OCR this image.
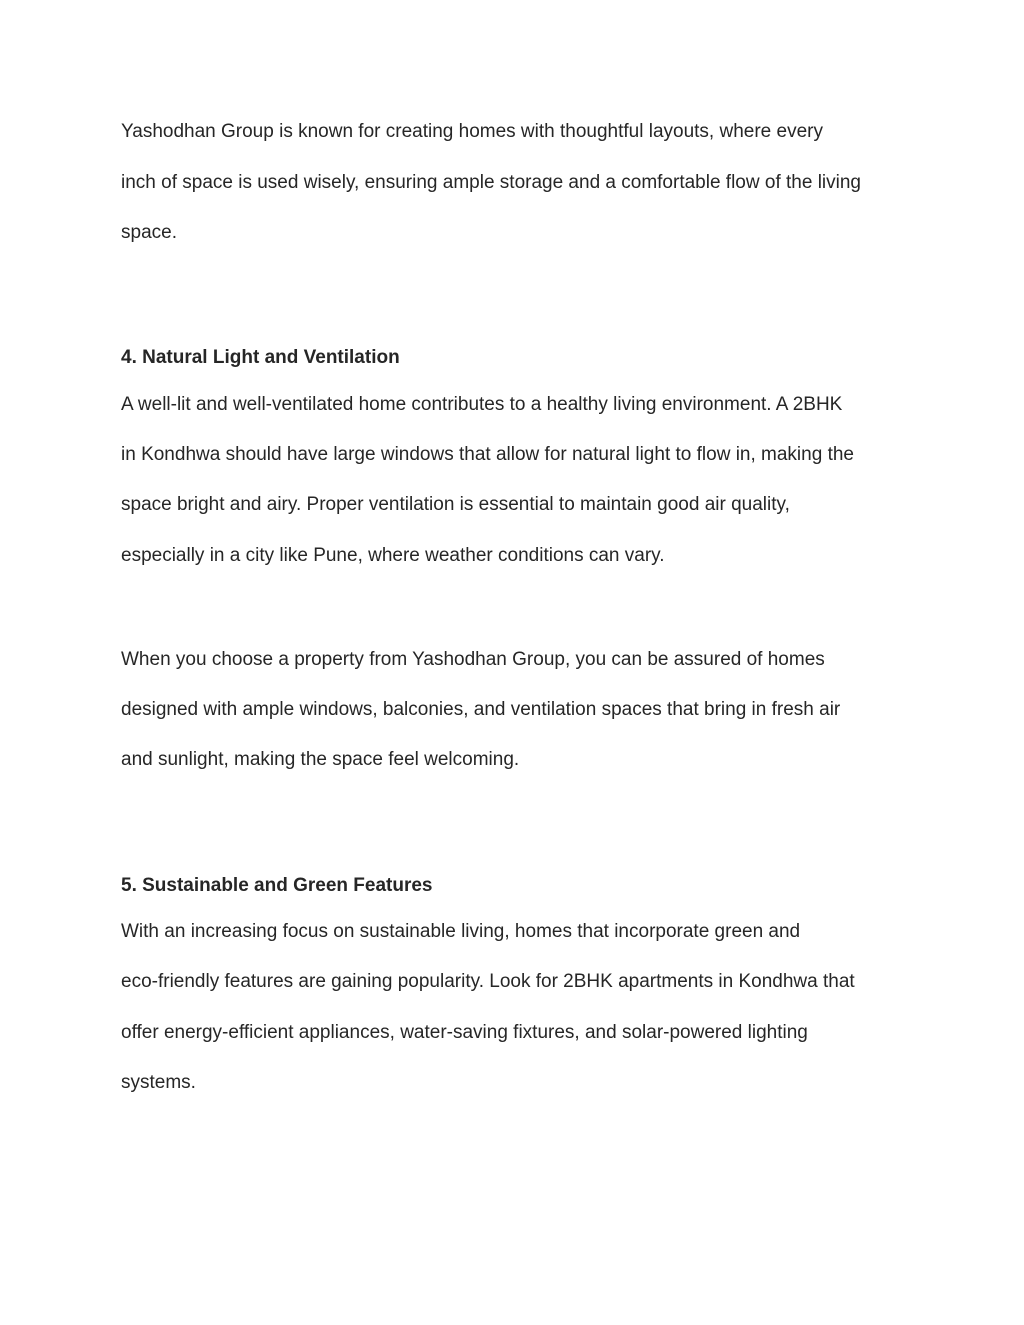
Yashodhan Group is known for creating homes with thoughtful layouts, where every

inch of space is used wisely, ensuring ample storage and a comfortable flow of the living

space.

4. Natural Light and Ventilation

A well-lit and well-ventilated home contributes to a healthy living environment. A 2BHK

in Kondhwa should have large windows that allow for natural light to flow in, making the

space bright and airy. Proper ventilation is essential to maintain good air quality,

especially in a city like Pune, where weather conditions can vary.

When you choose a property from Yashodhan Group, you can be assured of homes

designed with ample windows, balconies, and ventilation spaces that bring in fresh air

and sunlight, making the space feel welcoming.

5. Sustainable and Green Features

With an increasing focus on sustainable living, homes that incorporate green and

eco-friendly features are gaining popularity. Look for 2BHK apartments in Kondhwa that

offer energy-efficient appliances, water-saving fixtures, and solar-powered lighting

systems.
